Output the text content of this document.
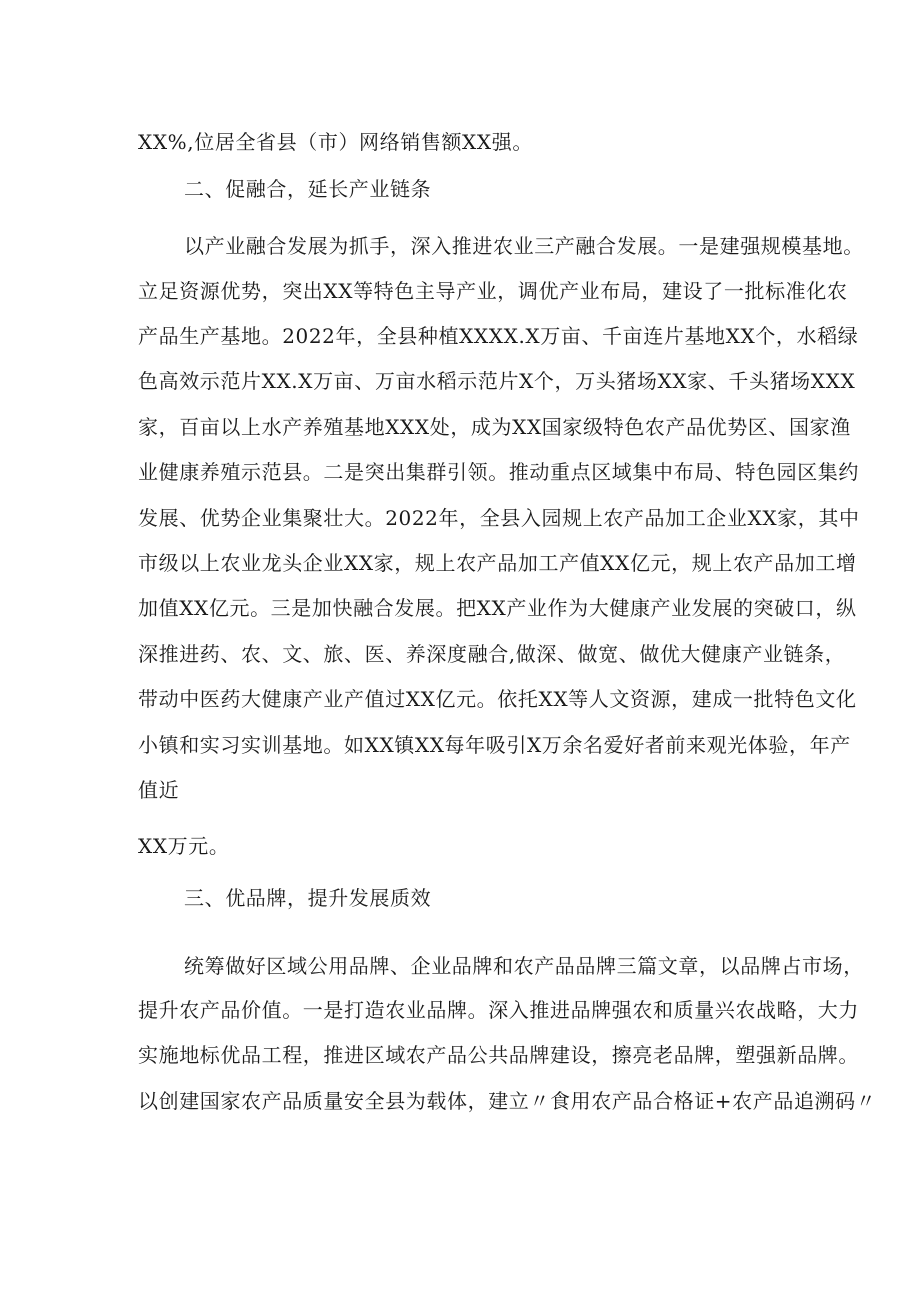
XX%,位居全省县（市）网络销售额XX强。
二、促融合，延长产业链条
以产业融合发展为抓手，深入推进农业三产融合发展。一是建强规模基地。
立足资源优势，突出XX等特色主导产业，调优产业布局，建设了一批标准化农
产品生产基地。2022年，全县种植XXXX.X万亩、千亩连片基地XX个，水稻绿
色高效示范片XX.X万亩、万亩水稻示范片X个，万头猪场XX家、千头猪场XXX
家，百亩以上水产养殖基地XXX处，成为XX国家级特色农产品优势区、国家渔
业健康养殖示范县。二是突出集群引领。推动重点区域集中布局、特色园区集约
发展、优势企业集聚壮大。2022年，全县入园规上农产品加工企业XX家，其中
市级以上农业龙头企业XX家，规上农产品加工产值XX亿元，规上农产品加工增
加值XX亿元。三是加快融合发展。把XX产业作为大健康产业发展的突破口，纵
深推进药、农、文、旅、医、养深度融合,做深、做宽、做优大健康产业链条，
带动中医药大健康产业产值过XX亿元。依托XX等人文资源，建成一批特色文化
小镇和实习实训基地。如XX镇XX每年吸引X万余名爱好者前来观光体验，年产
值近
XX万元。
三、优品牌，提升发展质效
统筹做好区域公用品牌、企业品牌和农产品品牌三篇文章，以品牌占市场，
提升农产品价值。一是打造农业品牌。深入推进品牌强农和质量兴农战略，大力
实施地标优品工程，推进区域农产品公共品牌建设，擦亮老品牌，塑强新品牌。
以创建国家农产品质量安全县为载体，建立〃食用农产品合格证+农产品追溯码〃
